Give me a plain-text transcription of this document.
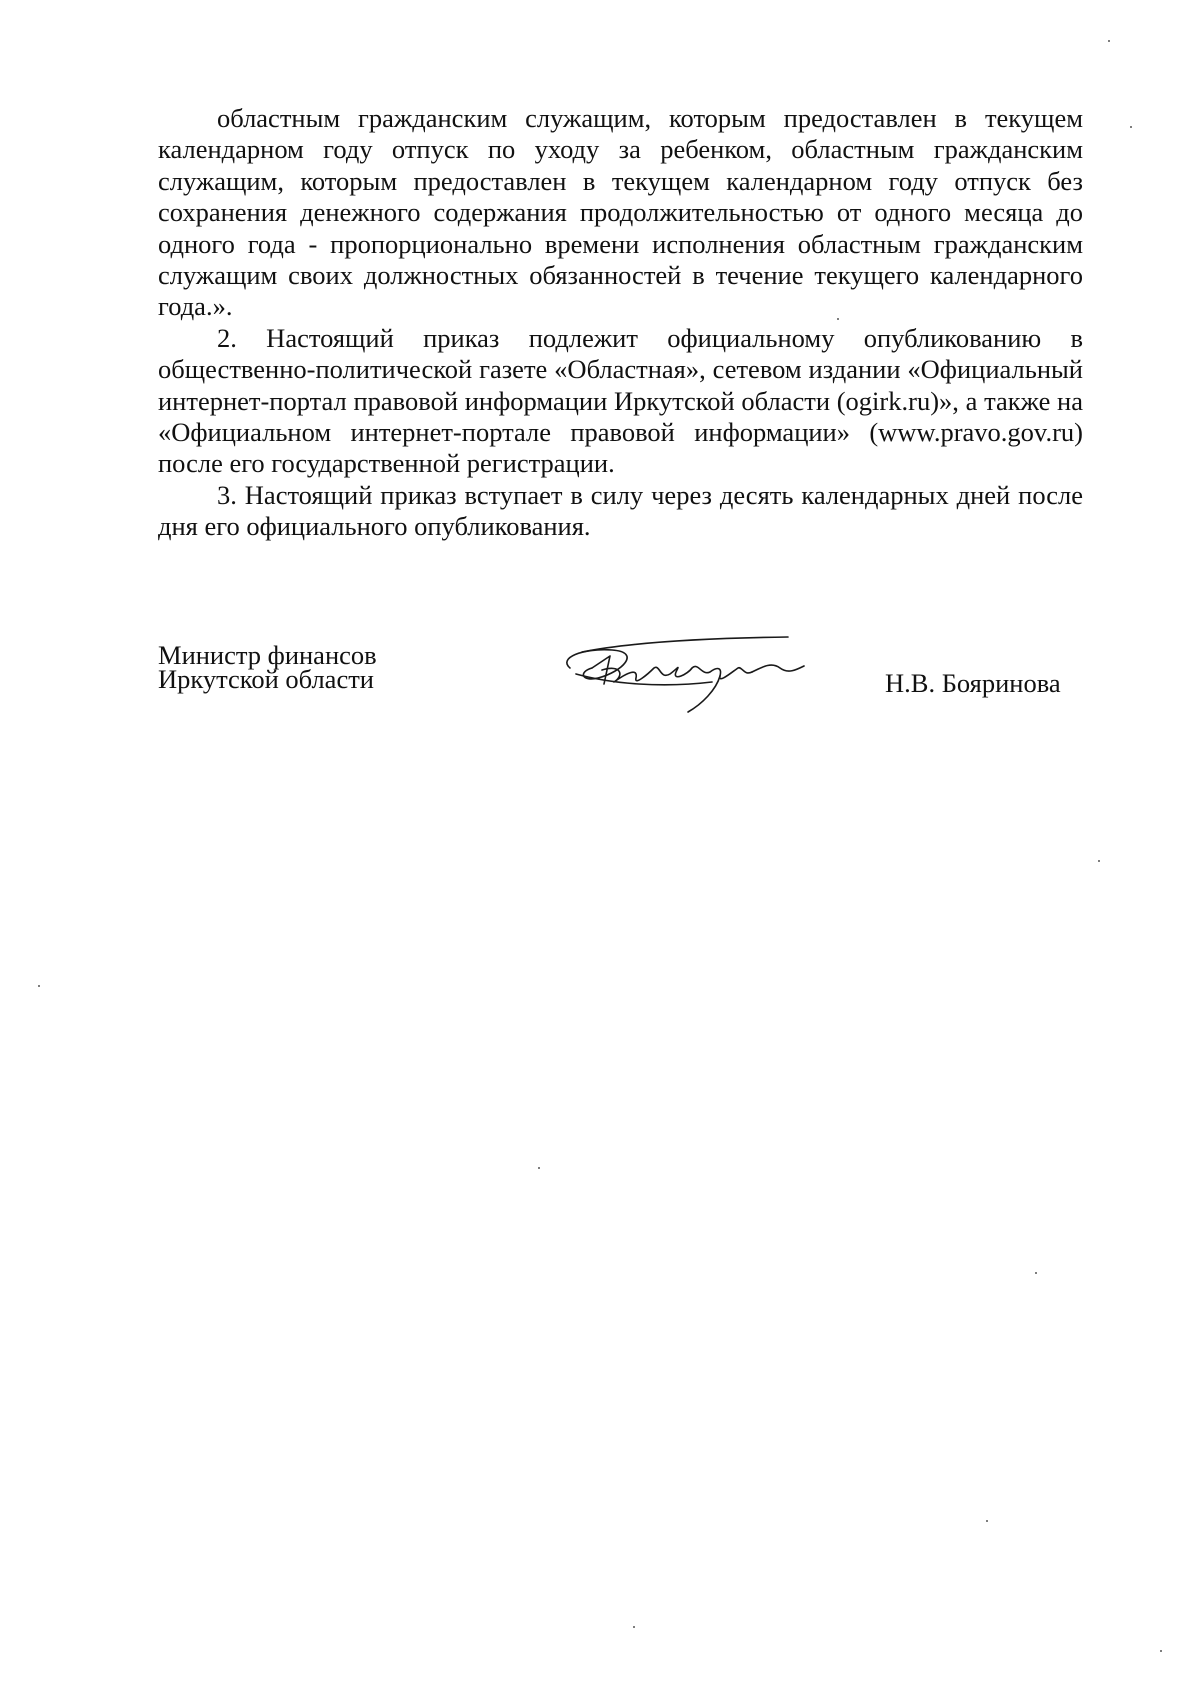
областным гражданским служащим, которым предоставлен в текущем календарном году отпуск по уходу за ребенком, областным гражданским служащим, которым предоставлен в текущем календарном году отпуск без сохранения денежного содержания продолжительностью от одного месяца до одного года - пропорционально времени исполнения областным гражданским служащим своих должностных обязанностей в течение текущего календарного года.».

2. Настоящий приказ подлежит официальному опубликованию в общественно-политической газете «Областная», сетевом издании «Официальный интернет-портал правовой информации Иркутской области (ogirk.ru)», а также на «Официальном интернет-портале правовой информации» (www.pravo.gov.ru) после его государственной регистрации.

3. Настоящий приказ вступает в силу через десять календарных дней после дня его официального опубликования.

Министр финансов
Иркутской области	Н.В. Бояринова
